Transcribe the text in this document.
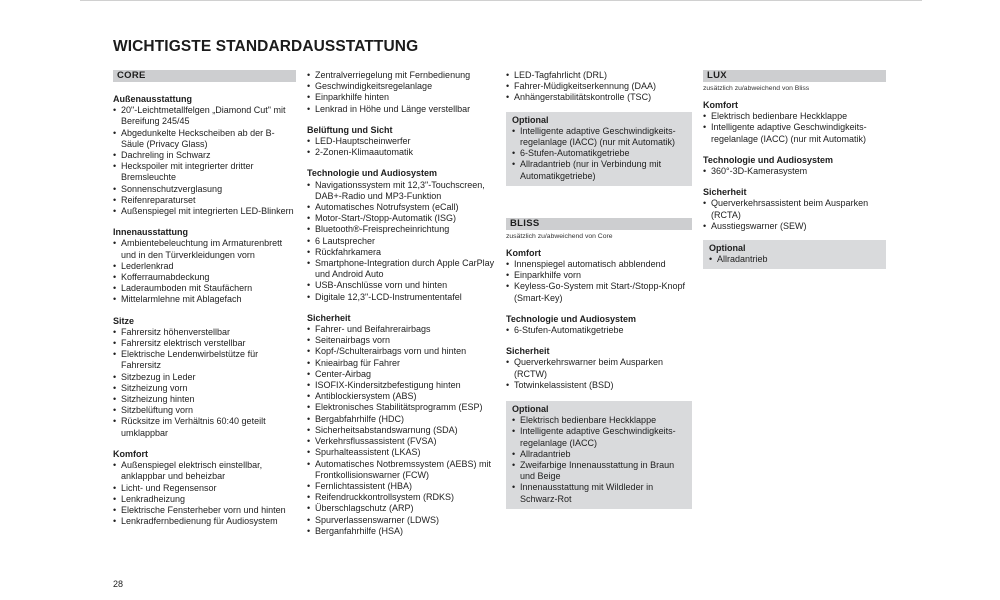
WICHTIGSTE STANDARDAUSSTATTUNG
CORE
Außenausstattung
• 20"-Leichtmetallfelgen „Diamond Cut" mit Bereifung 245/45
• Abgedunkelte Heckscheiben ab der B-Säule (Privacy Glass)
• Dachreling in Schwarz
• Heckspoiler mit integrierter dritter Bremsleuchte
• Sonnenschutzverglasung
• Reifenreparaturset
• Außenspiegel mit integrierten LED-Blinkern
Innenausstattung
• Ambientebeleuchtung im Armaturenbrett und in den Türverkleidungen vorn
• Lederlenkrad
• Kofferraumabdeckung
• Laderaumboden mit Staufächern
• Mittelarmlehne mit Ablagefach
Sitze
• Fahrersitz höhenverstellbar
• Fahrersitz elektrisch verstellbar
• Elektrische Lendenwirbelstütze für Fahrersitz
• Sitzbezug in Leder
• Sitzheizung vorn
• Sitzheizung hinten
• Sitzbelüftung vorn
• Rücksitze im Verhältnis 60:40 geteilt umklappbar
Komfort
• Außenspiegel elektrisch einstellbar, anklappbar und beheizbar
• Licht- und Regensensor
• Lenkradheizung
• Elektrische Fensterheber vorn und hinten
• Lenkradfernbedienung für Audiosystem
• Zentralverriegelung mit Fernbedienung
• Geschwindigkeitsregelanlage
• Einparkhilfe hinten
• Lenkrad in Höhe und Länge verstellbar
Belüftung und Sicht
• LED-Hauptscheinwerfer
• 2-Zonen-Klimaautomatik
Technologie und Audiosystem
• Navigationssystem mit 12,3"-Touchscreen, DAB+-Radio und MP3-Funktion
• Automatisches Notrufsystem (eCall)
• Motor-Start-/Stopp-Automatik (ISG)
• Bluetooth®-Freisprecheinrichtung
• 6 Lautsprecher
• Rückfahrkamera
• Smartphone-Integration durch Apple CarPlay und Android Auto
• USB-Anschlüsse vorn und hinten
• Digitale 12,3"-LCD-Instrumententafel
Sicherheit
• Fahrer- und Beifahrerairbags
• Seitenairbags vorn
• Kopf-/Schulterairbags vorn und hinten
• Knieairbag für Fahrer
• Center-Airbag
• ISOFIX-Kindersitzbefestigung hinten
• Antiblockiersystem (ABS)
• Elektronisches Stabilitätsprogramm (ESP)
• Bergabfahrhilfe (HDC)
• Sicherheitsabstandswarnung (SDA)
• Verkehrsflussassistent (FVSA)
• Spurhalteassistent (LKAS)
• Automatisches Notbremssystem (AEBS) mit Frontkollisionswarner (FCW)
• Fernlichtassistent (HBA)
• Reifendruckkontrollsystem (RDKS)
• Überschlagschutz (ARP)
• Spurverlassenswarner (LDWS)
• Berganfahrhilfe (HSA)
• LED-Tagfahrlicht (DRL)
• Fahrer-Müdigkeitserkennung (DAA)
• Anhängerstabilitätskontrolle (TSC)
Optional
• Intelligente adaptive Geschwindigkeits-regelanlage (IACC) (nur mit Automatik)
• 6-Stufen-Automatikgetriebe
• Allradantrieb (nur in Verbindung mit Automatikgetriebe)
BLISS
zusätzlich zu/abweichend von Core
Komfort
• Innenspiegel automatisch abblendend
• Einparkhilfe vorn
• Keyless-Go-System mit Start-/Stopp-Knopf (Smart-Key)
Technologie und Audiosystem
• 6-Stufen-Automatikgetriebe
Sicherheit
• Querverkehrswarner beim Ausparken (RCTW)
• Totwinkelassistent (BSD)
Optional
• Elektrisch bedienbare Heckklappe
• Intelligente adaptive Geschwindigkeits-regelanlage (IACC)
• Allradantrieb
• Zweifarbige Innenausstattung in Braun und Beige
• Innenausstattung mit Wildleder in Schwarz-Rot
LUX
zusätzlich zu/abweichend von Bliss
Komfort
• Elektrisch bedienbare Heckklappe
• Intelligente adaptive Geschwindigkeits-regelanlage (IACC) (nur mit Automatik)
Technologie und Audiosystem
• 360°-3D-Kamerasystem
Sicherheit
• Querverkehrsassistent beim Ausparken (RCTA)
• Ausstiegswarner (SEW)
Optional
• Allradantrieb
28
